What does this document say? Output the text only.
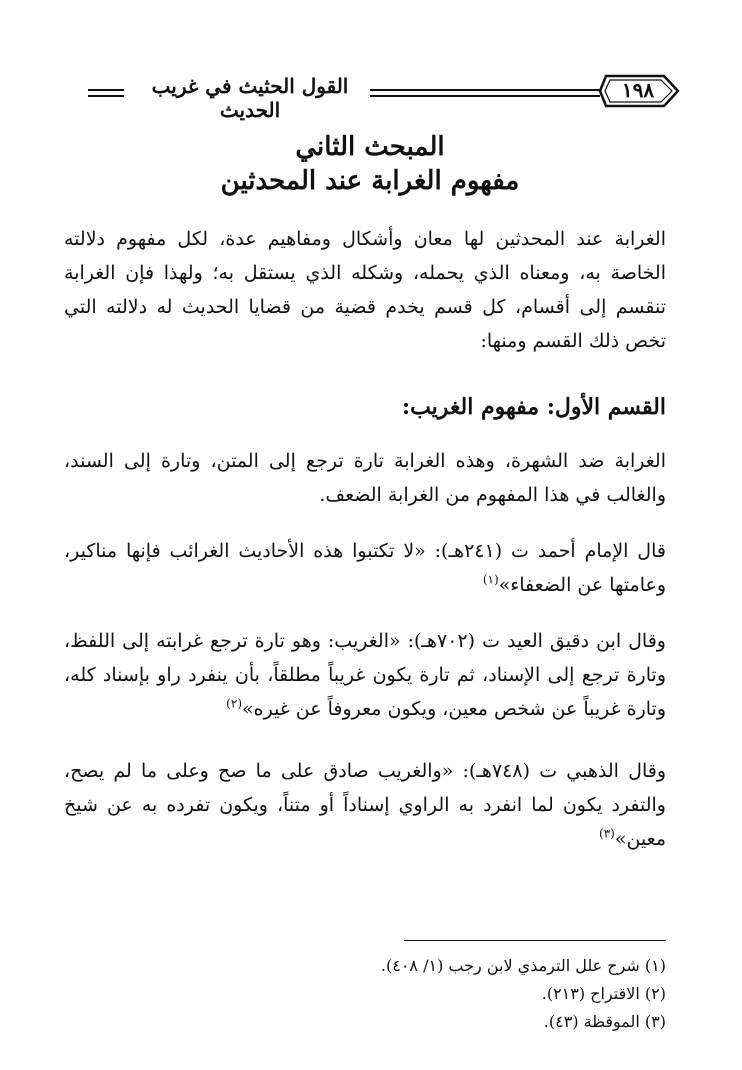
القول الحثيث في غريب الحديث
١٩٨
المبحث الثاني
مفهوم الغرابة عند المحدثين

الغرابة عند المحدثين لها معان وأشكال ومفاهيم عدة، لكل مفهوم دلالته الخاصة به، ومعناه الذي يحمله، وشكله الذي يستقل به؛ ولهذا فإن الغرابة تنقسم إلى أقسام، كل قسم يخدم قضية من قضايا الحديث له دلالته التي تخص ذلك القسم ومنها:

القسم الأول: مفهوم الغريب:

الغرابة ضد الشهرة، وهذه الغرابة تارة ترجع إلى المتن، وتارة إلى السند، والغالب في هذا المفهوم من الغرابة الضعف.

قال الإمام أحمد ت (٢٤١هـ): «لا تكتبوا هذه الأحاديث الغرائب فإنها مناكير، وعامتها عن الضعفاء»$^{(١)}$

وقال ابن دقيق العيد ت (٧٠٢هـ): «الغريب: وهو تارة ترجع غرابته إلى اللفظ، وتارة ترجع إلى الإسناد، ثم تارة يكون غريباً مطلقاً، بأن ينفرد راو بإسناد كله، وتارة غريباً عن شخص معين، ويكون معروفاً عن غيره»$^{(٢)}$

وقال الذهبي ت (٧٤٨هـ): «والغريب صادق على ما صح وعلى ما لم يصح، والتفرد يكون لما انفرد به الراوي إسناداً أو متناً، ويكون تفرده به عن شيخ معين»$^{(٣)}$

(١) شرح علل الترمذي لابن رجب (١/ ٤٠٨).
(٢) الاقتراح (٢١٣).
(٣) الموقظة (٤٣).
